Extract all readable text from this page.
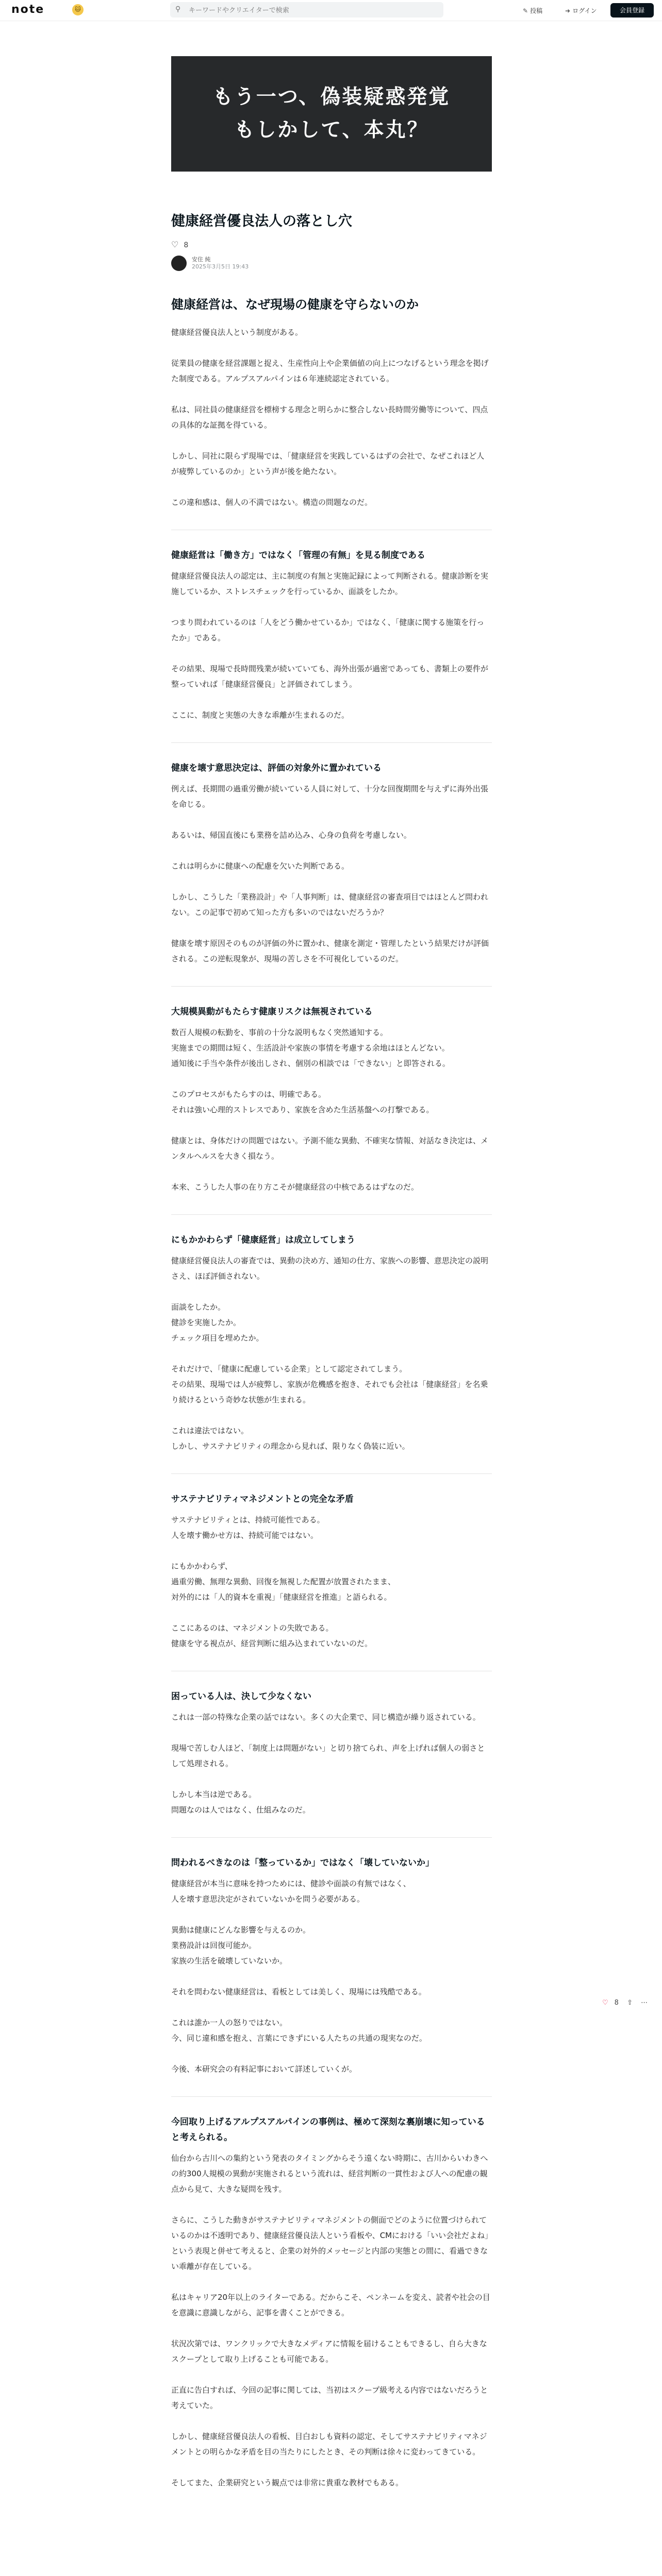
note	🐱	⚲
キーワードやクリエイターで検索	✎ 投稿	➜ ログイン	会員登録
もう一つ、偽装疑惑発覚
もしかして、本丸？
健康経営優良法人の落とし穴
♡ 8
安住 純
2025年3月5日 19:43
健康経営は、なぜ現場の健康を守らないのか

健康経営優良法人という制度がある。

従業員の健康を経営課題と捉え、生産性向上や企業価値の向上につなげるという理念を掲げた制度である。アルプスアルパインは６年連続認定されている。

私は、同社員の健康経営を標榜する理念と明らかに整合しない長時間労働等について、四点の具体的な証拠を得ている。

しかし、同社に限らず現場では、「健康経営を実践しているはずの会社で、なぜこれほど人が疲弊しているのか」という声が後を絶たない。

この違和感は、個人の不満ではない。構造の問題なのだ。

健康経営は「働き方」ではなく「管理の有無」を見る制度である

健康経営優良法人の認定は、主に制度の有無と実施記録によって判断される。健康診断を実施しているか、ストレスチェックを行っているか、面談をしたか。

つまり問われているのは「人をどう働かせているか」ではなく、「健康に関する施策を行ったか」である。

その結果、現場で長時間残業が続いていても、海外出張が過密であっても、書類上の要件が整っていれば「健康経営優良」と評価されてしまう。

ここに、制度と実態の大きな乖離が生まれるのだ。

健康を壊す意思決定は、評価の対象外に置かれている

例えば、長期間の過重労働が続いている人員に対して、十分な回復期間を与えずに海外出張を命じる。

あるいは、帰国直後にも業務を詰め込み、心身の負荷を考慮しない。

これは明らかに健康への配慮を欠いた判断である。

しかし、こうした「業務設計」や「人事判断」は、健康経営の審査項目ではほとんど問われない。この記事で初めて知った方も多いのではないだろうか？

健康を壊す原因そのものが評価の外に置かれ、健康を測定・管理したという結果だけが評価される。この逆転現象が、現場の苦しさを不可視化しているのだ。

大規模異動がもたらす健康リスクは無視されている

数百人規模の転勤を、事前の十分な説明もなく突然通知する。
実施までの期間は短く、生活設計や家族の事情を考慮する余地はほとんどない。
通知後に手当や条件が後出しされ、個別の相談では「できない」と即答される。

このプロセスがもたらすのは、明確である。
それは強い心理的ストレスであり、家族を含めた生活基盤への打撃である。

健康とは、身体だけの問題ではない。予測不能な異動、不確実な情報、対話なき決定は、メンタルヘルスを大きく損なう。

本来、こうした人事の在り方こそが健康経営の中核であるはずなのだ。

にもかかわらず「健康経営」は成立してしまう

健康経営優良法人の審査では、異動の決め方、通知の仕方、家族への影響、意思決定の説明さえ、ほぼ評価されない。

面談をしたか。
健診を実施したか。
チェック項目を埋めたか。

それだけで、「健康に配慮している企業」として認定されてしまう。
その結果、現場では人が疲弊し、家族が危機感を抱き、それでも会社は「健康経営」を名乗り続けるという奇妙な状態が生まれる。

これは違法ではない。
しかし、サステナビリティの理念から見れば、限りなく偽装に近い。

サステナビリティマネジメントとの完全な矛盾

サステナビリティとは、持続可能性である。
人を壊す働かせ方は、持続可能ではない。

にもかかわらず、
過重労働、無理な異動、回復を無視した配置が放置されたまま、
対外的には「人的資本を重視」「健康経営を推進」と語られる。

ここにあるのは、マネジメントの失敗である。
健康を守る視点が、経営判断に組み込まれていないのだ。

困っている人は、決して少なくない

これは一部の特殊な企業の話ではない。多くの大企業で、同じ構造が繰り返されている。

現場で苦しむ人ほど、「制度上は問題がない」と切り捨てられ、声を上げれば個人の弱さとして処理される。

しかし本当は逆である。
問題なのは人ではなく、仕組みなのだ。

問われるべきなのは「整っているか」ではなく「壊していないか」

健康経営が本当に意味を持つためには、健診や面談の有無ではなく、
人を壊す意思決定がされていないかを問う必要がある。

異動は健康にどんな影響を与えるのか。
業務設計は回復可能か。
家族の生活を破壊していないか。

それを問わない健康経営は、看板としては美しく、現場には残酷である。

これは誰か一人の怒りではない。
今、同じ違和感を抱え、言葉にできずにいる人たちの共通の現実なのだ。

今後、本研究会の有料記事において詳述していくが。

今回取り上げるアルプスアルパインの事例は、極めて深刻な裏崩壊に知っていると考えられる。

仙台から古川への集約という発表のタイミングからそう遠くない時期に、古川からいわきへの約300人規模の異動が実施されるという流れは、経営判断の一貫性および人への配慮の観点から見て、大きな疑問を残す。

さらに、こうした動きがサステナビリティマネジメントの側面でどのように位置づけられているのかは不透明であり、健康経営優良法人という看板や、CMにおける「いい会社だよね」という表現と併せて考えると、企業の対外的メッセージと内部の実態との間に、看過できない乖離が存在している。

私はキャリア20年以上のライターである。だからこそ、ペンネームを変え、読者や社会の目を意識に意識しながら、記事を書くことができる。

状況次第では、ワンクリックで大きなメディアに情報を届けることもできるし、自ら大きなスクープとして取り上げることも可能である。

正直に告白すれば、今回の記事に関しては、当初はスクープ級考える内容ではないだろうと考えていた。

しかし、健康経営優良法人の看板、目白おしも資料の認定、そしてサステナビリティマネジメントとの明らかな矛盾を目の当たりにしたとき、その判断は徐々に変わってきている。

そしてまた、企業研究という観点では非常に貴重な教材でもある。

♡ 8 ⇧ ⋯
